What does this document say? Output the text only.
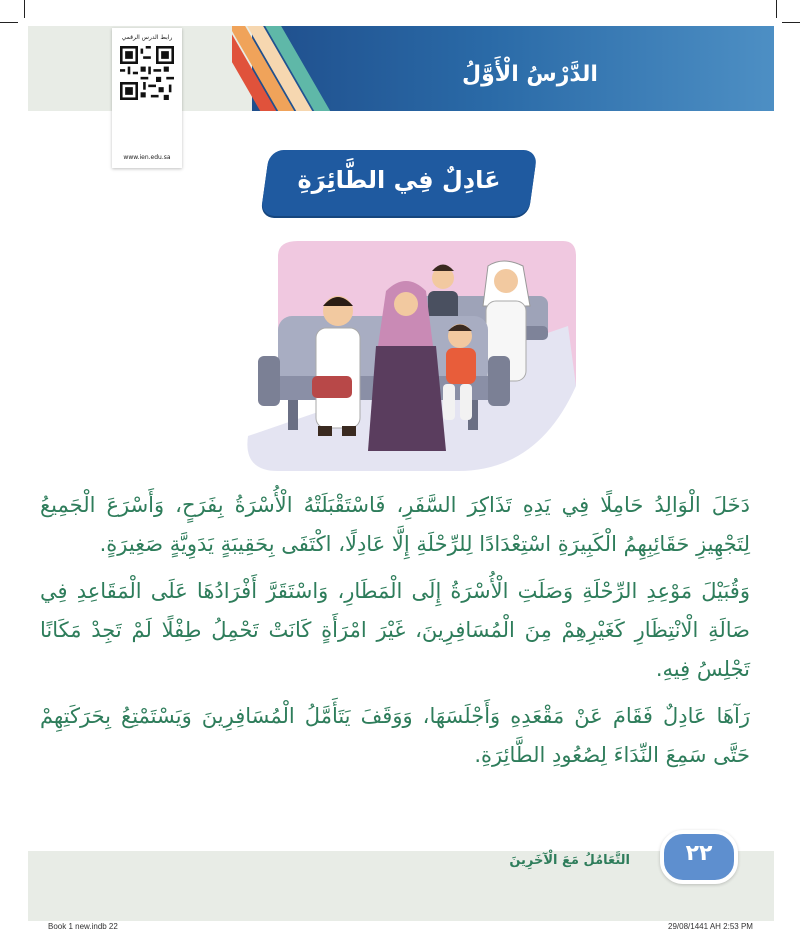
الدَّرْسُ الْأَوَّلُ
رابط الدرس الرقمي
www.ien.edu.sa
عَادِلٌ فِي الطَّائِرَةِ

دَخَلَ الْوَالِدُ حَامِلًا فِي يَدِهِ تَذَاكِرَ السَّفَرِ، فَاسْتَقْبَلَتْهُ الْأُسْرَةُ بِفَرَحٍ، وَأَسْرَعَ الْجَمِيعُ لِتَجْهِيزِ حَقَائِبِهِمُ الْكَبِيرَةِ اسْتِعْدَادًا لِلرِّحْلَةِ إِلَّا عَادِلًا، اكْتَفَى بِحَقِيبَةٍ يَدَوِيَّةٍ صَغِيرَةٍ.

وَقُبَيْلَ مَوْعِدِ الرِّحْلَةِ وَصَلَتِ الْأُسْرَةُ إِلَى الْمَطَارِ، وَاسْتَقَرَّ أَفْرَادُهَا عَلَى الْمَقَاعِدِ فِي صَالَةِ الْانْتِظَارِ كَغَيْرِهِمْ مِنَ الْمُسَافِرِينَ، غَيْرَ امْرَأَةٍ كَانَتْ تَحْمِلُ طِفْلًا لَمْ تَجِدْ مَكَانًا تَجْلِسُ فِيهِ.

رَآهَا عَادِلٌ فَقَامَ عَنْ مَقْعَدِهِ وَأَجْلَسَهَا، وَوَقَفَ يَتَأَمَّلُ الْمُسَافِرِينَ وَيَسْتَمْتِعُ بِحَرَكَتِهِمْ حَتَّى سَمِعَ النِّدَاءَ لِصُعُودِ الطَّائِرَةِ.

التَّعَامُلُ مَعَ الْآخَرِينَ	٢٢
Book 1 new.indb 22	29/08/1441 AH 2:53 PM
